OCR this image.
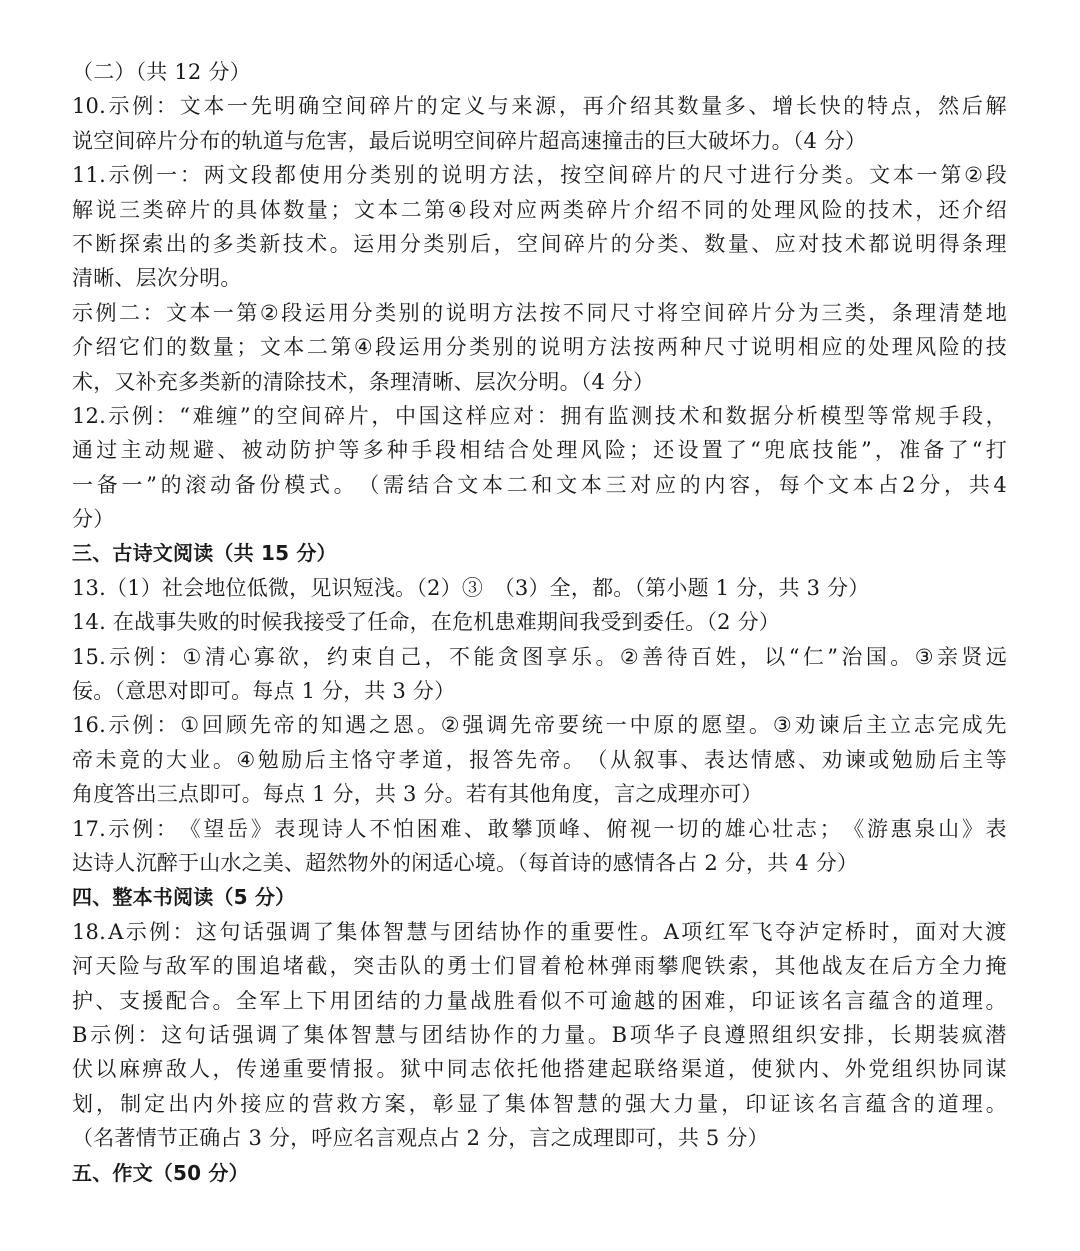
（二）（共 12 分）
10. 示 例 ： 文 本 一 先 明 确 空 间 碎 片 的 定 义 与 来 源 ， 再 介 绍 其 数 量 多 、 增 长 快 的 特 点 ， 然 后 解
说空间碎片分布的轨道与危害，最后说明空间碎片超高速撞击的巨大破坏力。（4 分）
11. 示 例 一 ： 两 文 段 都 使 用 分 类 别 的 说 明 方 法 ， 按 空 间 碎 片 的 尺 寸 进 行 分 类 。 文 本 一 第 ② 段
解 说 三 类 碎 片 的 具 体 数 量 ； 文 本 二 第 ④ 段 对 应 两 类 碎 片 介 绍 不 同 的 处 理 风 险 的 技 术 ， 还 介 绍
不 断 探 索 出 的 多 类 新 技 术 。 运 用 分 类 别 后 ， 空 间 碎 片 的 分 类 、 数 量 、 应 对 技 术 都 说 明 得 条 理
清晰、层次分明。
示 例 二 ： 文 本 一 第 ② 段 运 用 分 类 别 的 说 明 方 法 按 不 同 尺 寸 将 空 间 碎 片 分 为 三 类 ， 条 理 清 楚 地
介 绍 它 们 的 数 量 ； 文 本 二 第 ④ 段 运 用 分 类 别 的 说 明 方 法 按 两 种 尺 寸 说 明 相 应 的 处 理 风 险 的 技
术，又补充多类新的清除技术，条理清晰、层次分明。（4 分）
12. 示 例 ： “ 难 缠 ” 的 空 间 碎 片 ， 中 国 这 样 应 对 ： 拥 有 监 测 技 术 和 数 据 分 析 模 型 等 常 规 手 段 ，
通 过 主 动 规 避 、 被 动 防 护 等 多 种 手 段 相 结 合 处 理 风 险 ； 还 设 置 了 “ 兜 底 技 能 ” ， 准 备 了 “ 打
一 备 一 ” 的 滚 动 备 份 模 式 。 （ 需 结 合 文 本 二 和 文 本 三 对 应 的 内 容 ， 每 个 文 本 占 2 分 ， 共 4
分）
三、古诗文阅读（共 15 分）
13.（1）社会地位低微，见识短浅。（2）③　（3）全，都。（第小题 1 分，共 3 分）
14. 在战事失败的时候我接受了任命，在危机患难期间我受到委任。（2 分）
15. 示 例 ： ① 清 心 寡 欲 ， 约 束 自 己 ， 不 能 贪 图 享 乐 。 ② 善 待 百 姓 ， 以 “ 仁 ” 治 国 。 ③ 亲 贤 远
佞。（意思对即可。每点 1 分，共 3 分）
16. 示 例 ： ① 回 顾 先 帝 的 知 遇 之 恩 。 ② 强 调 先 帝 要 统 一 中 原 的 愿 望 。 ③ 劝 谏 后 主 立 志 完 成 先
帝 未 竟 的 大 业 。 ④ 勉 励 后 主 恪 守 孝 道 ， 报 答 先 帝 。 （ 从 叙 事 、 表 达 情 感 、 劝 谏 或 勉 励 后 主 等
角度答出三点即可。每点 1 分，共 3 分。若有其他角度，言之成理亦可）
17. 示 例 ： 《 望 岳 》 表 现 诗 人 不 怕 困 难 、 敢 攀 顶 峰 、 俯 视 一 切 的 雄 心 壮 志 ； 《 游 惠 泉 山 》 表
达诗人沉醉于山水之美、超然物外的闲适心境。（每首诗的感情各占 2 分，共 4 分）
四、整本书阅读（5 分）
18. A 示 例 ： 这 句 话 强 调 了 集 体 智 慧 与 团 结 协 作 的 重 要 性 。 A 项 红 军 飞 夺 泸 定 桥 时 ， 面 对 大 渡
河 天 险 与 敌 军 的 围 追 堵 截 ， 突 击 队 的 勇 士 们 冒 着 枪 林 弹 雨 攀 爬 铁 索 ， 其 他 战 友 在 后 方 全 力 掩
护 、 支 援 配 合 。 全 军 上 下 用 团 结 的 力 量 战 胜 看 似 不 可 逾 越 的 困 难 ， 印 证 该 名 言 蕴 含 的 道 理 。
B 示 例 ： 这 句 话 强 调 了 集 体 智 慧 与 团 结 协 作 的 力 量 。 B 项 华 子 良 遵 照 组 织 安 排 ， 长 期 装 疯 潜
伏 以 麻 痹 敌 人 ， 传 递 重 要 情 报 。 狱 中 同 志 依 托 他 搭 建 起 联 络 渠 道 ， 使 狱 内 、 外 党 组 织 协 同 谋
划 ， 制 定 出 内 外 接 应 的 营 救 方 案 ， 彰 显 了 集 体 智 慧 的 强 大 力 量 ， 印 证 该 名 言 蕴 含 的 道 理 。
（名著情节正确占 3 分，呼应名言观点占 2 分，言之成理即可，共 5 分）
五、作文（50 分）
